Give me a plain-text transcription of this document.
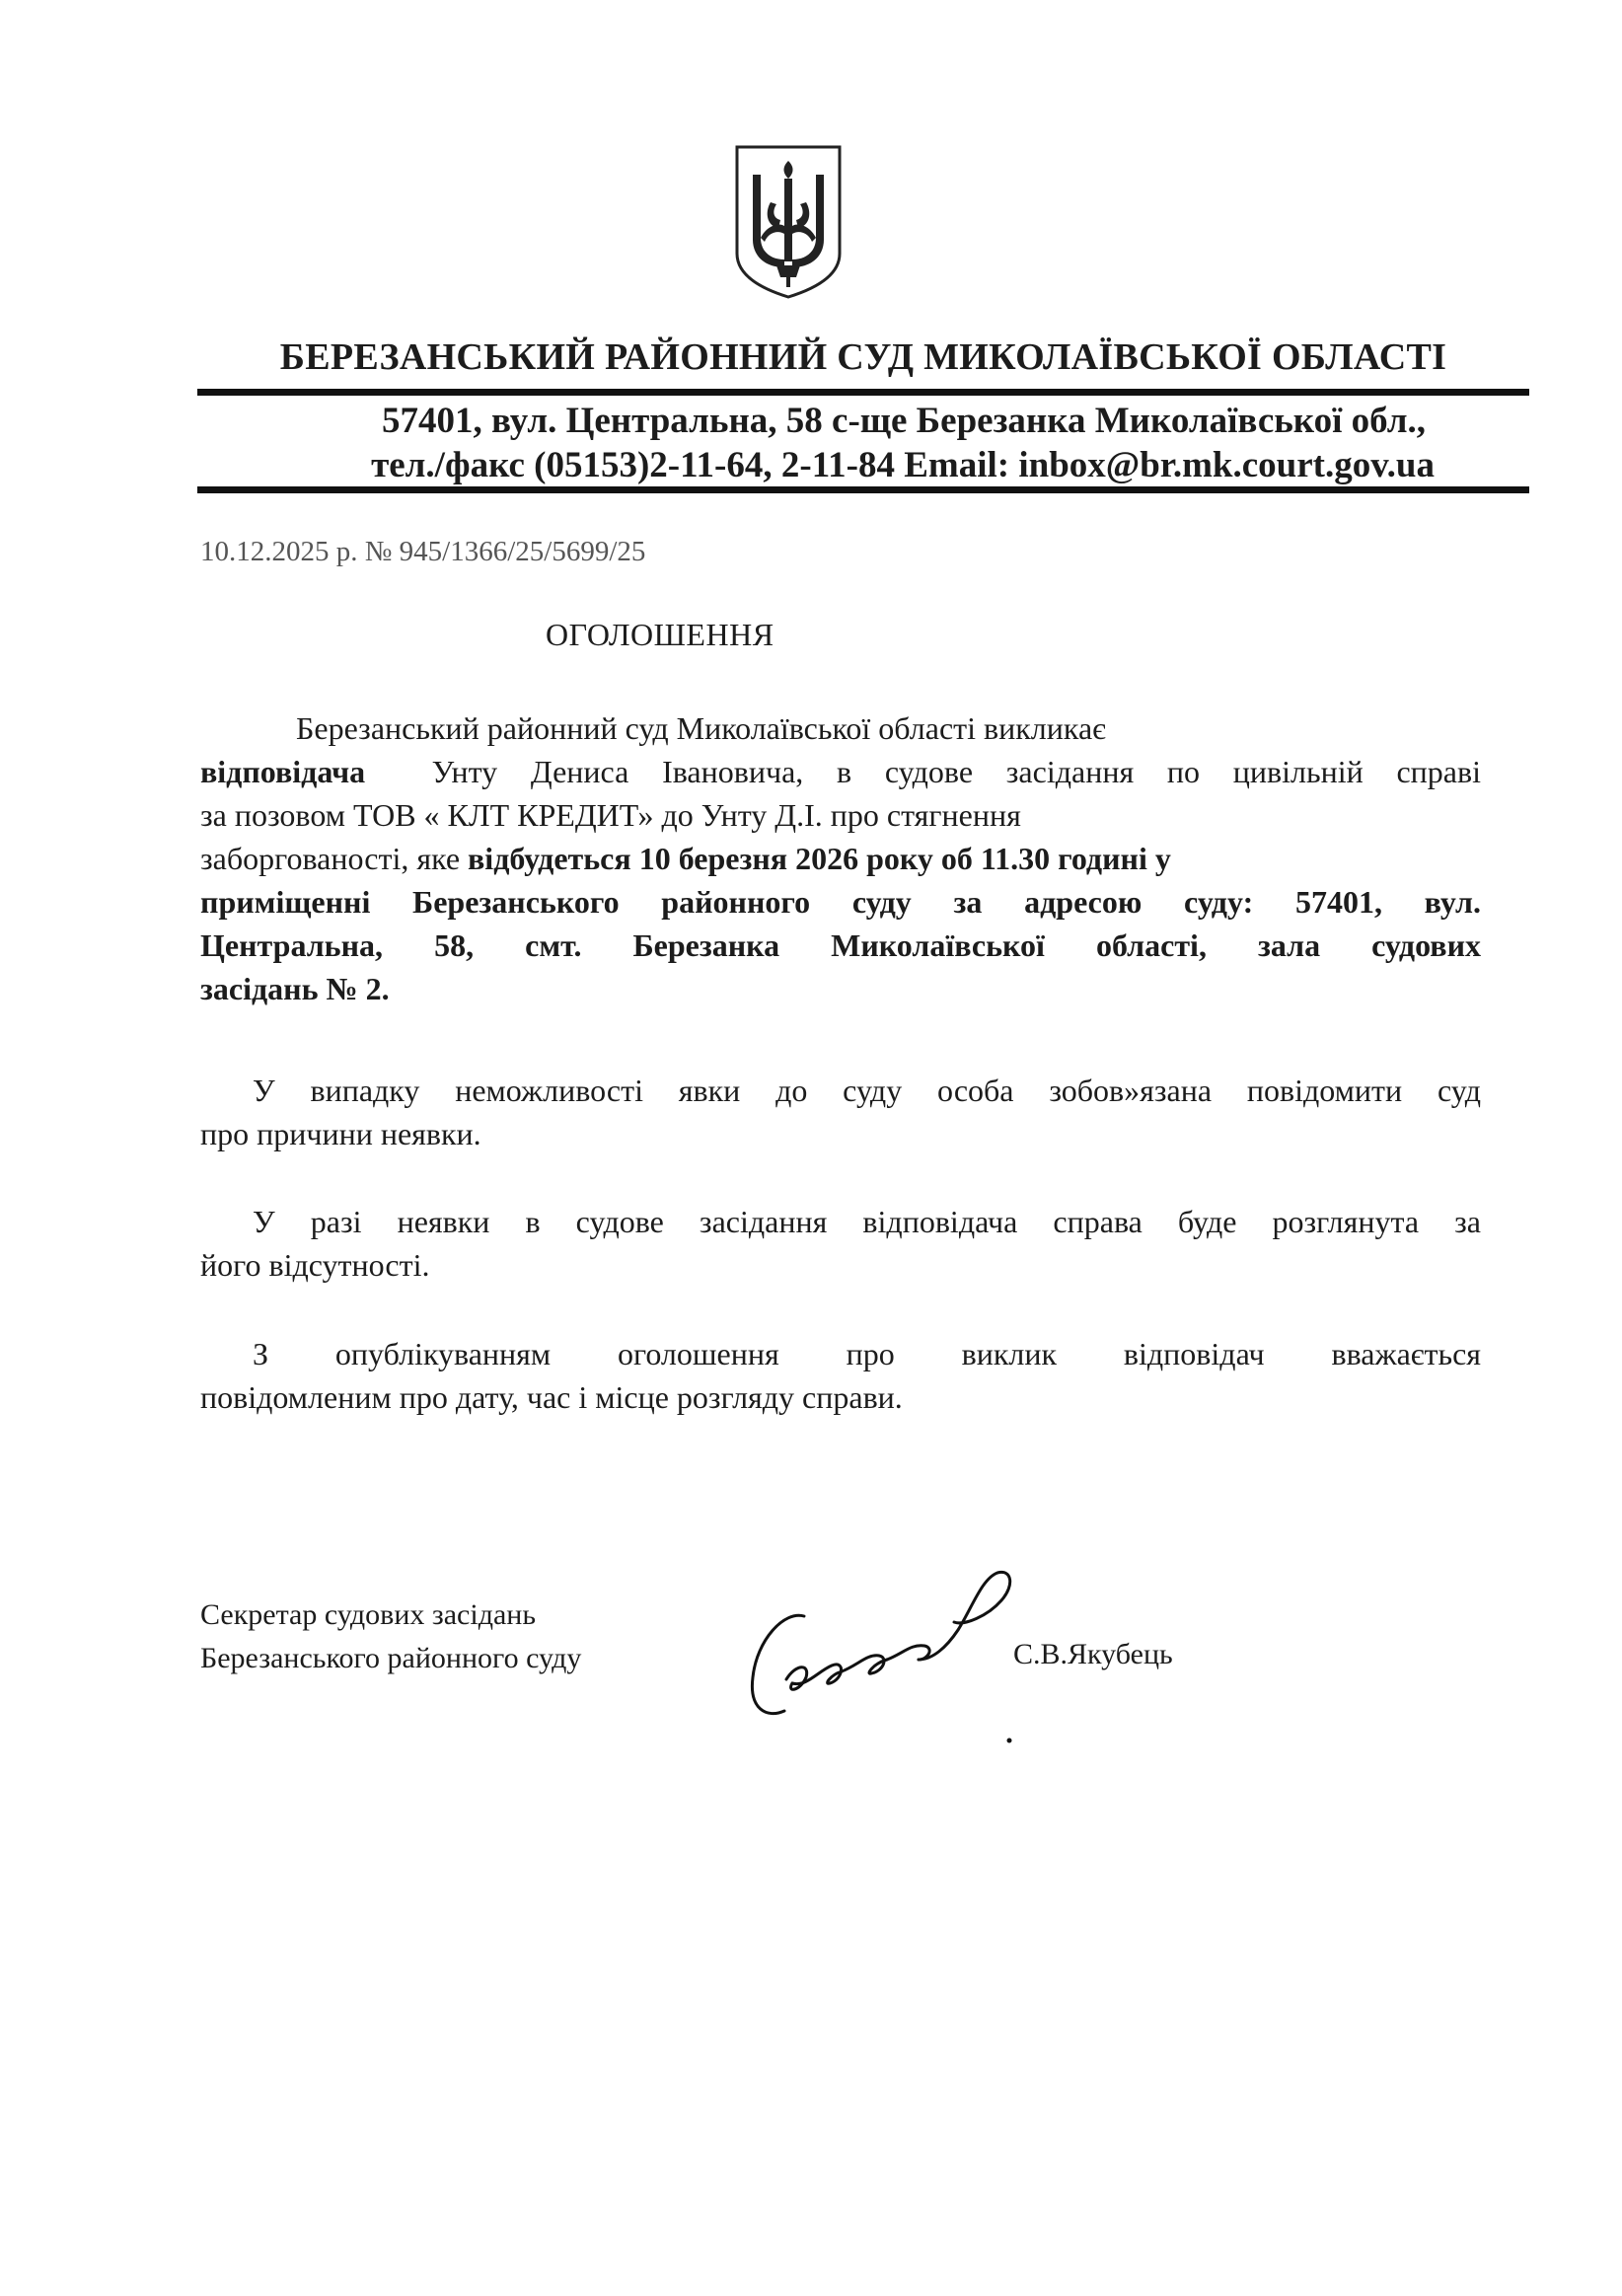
БЕРЕЗАНСЬКИЙ РАЙОННИЙ СУД МИКОЛАЇВСЬКОЇ ОБЛАСТІ
57401, вул. Центральна, 58 с-ще Березанка Миколаївської обл.,
тел./факс (05153)2-11-64, 2-11-84 Email: inbox@br.mk.court.gov.ua
10.12.2025 р. № 945/1366/25/5699/25
ОГОЛОШЕННЯ
Березанський районний суд Миколаївської області викликає
відповідача Унту Дениса Івановича, в судове засідання по цивільній справі
за позовом ТОВ « КЛТ КРЕДИТ» до Унту Д.І. про стягнення
заборгованості, яке відбудеться 10 березня 2026 року об 11.30 годині у
приміщенні Березанського районного суду за адресою суду: 57401, вул.
Центральна, 58, смт. Березанка Миколаївської області, зала судових
засідань № 2.
У випадку неможливості явки до суду особа зобов»язана повідомити суд
про причини неявки.
У разі неявки в судове засідання відповідача справа буде розглянута за
його відсутності.
З опублікуванням оголошення про виклик відповідач вважається
повідомленим про дату, час і місце розгляду справи.
Секретар судових засідань
Березанського районного суду	С.В.Якубець
